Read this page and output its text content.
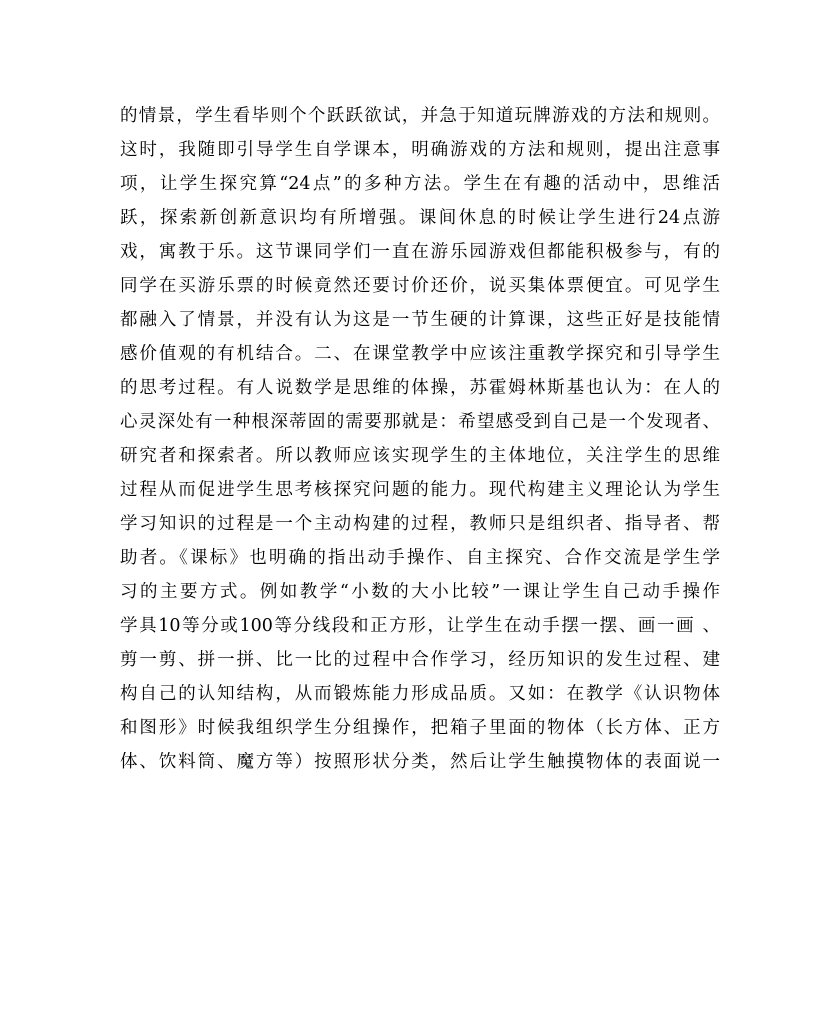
的情景，学生看毕则个个跃跃欲试，并急于知道玩牌游戏的方法和规则。
这时，我随即引导学生自学课本，明确游戏的方法和规则，提出注意事
项，让学生探究算“24点”的多种方法。学生在有趣的活动中，思维活
跃，探索新创新意识均有所增强。课间休息的时候让学生进行24点游
戏，寓教于乐。这节课同学们一直在游乐园游戏但都能积极参与，有的
同学在买游乐票的时候竟然还要讨价还价，说买集体票便宜。可见学生
都融入了情景，并没有认为这是一节生硬的计算课，这些正好是技能情
感价值观的有机结合。二、在课堂教学中应该注重教学探究和引导学生
的思考过程。有人说数学是思维的体操，苏霍姆林斯基也认为：在人的
心灵深处有一种根深蒂固的需要那就是：希望感受到自己是一个发现者、
研究者和探索者。所以教师应该实现学生的主体地位，关注学生的思维
过程从而促进学生思考核探究问题的能力。现代构建主义理论认为学生
学习知识的过程是一个主动构建的过程，教师只是组织者、指导者、帮
助者。《课标》也明确的指出动手操作、自主探究、合作交流是学生学
习的主要方式。例如教学“小数的大小比较”一课让学生自己动手操作
学具10等分或100等分线段和正方形，让学生在动手摆一摆、画一画 、
剪一剪、拼一拼、比一比的过程中合作学习，经历知识的发生过程、建
构自己的认知结构，从而锻炼能力形成品质。又如：在教学《认识物体
和图形》时候我组织学生分组操作，把箱子里面的物体（长方体、正方
体、饮料筒、魔方等）按照形状分类，然后让学生触摸物体的表面说一
